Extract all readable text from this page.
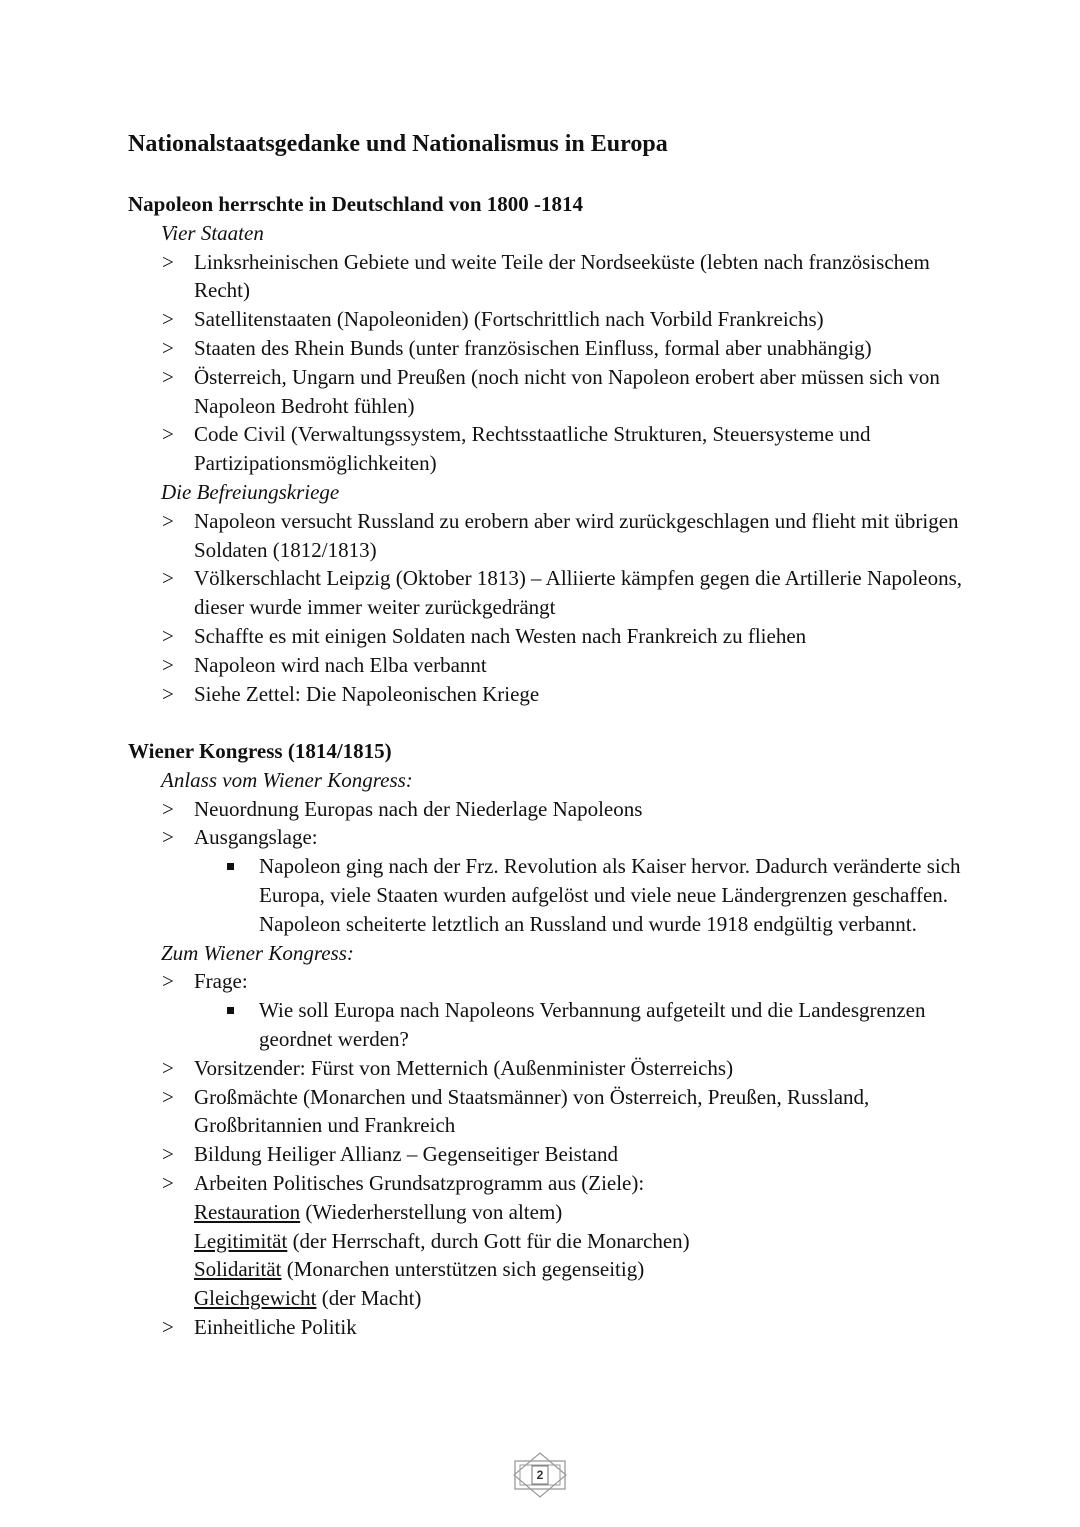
Nationalstaatsgedanke und Nationalismus in Europa
Napoleon herrschte in Deutschland von 1800 -1814
Vier Staaten
> Linksrheinischen Gebiete und weite Teile der Nordseeküste (lebten nach französischem Recht)
> Satellitenstaaten (Napoleoniden) (Fortschrittlich nach Vorbild Frankreichs)
> Staaten des Rhein Bunds (unter französischen Einfluss, formal aber unabhängig)
> Österreich, Ungarn und Preußen (noch nicht von Napoleon erobert aber müssen sich von Napoleon Bedroht fühlen)
> Code Civil (Verwaltungssystem, Rechtsstaatliche Strukturen, Steuersysteme und Partizipationsmöglichkeiten)
Die Befreiungskriege
> Napoleon versucht Russland zu erobern aber wird zurückgeschlagen und flieht mit übrigen Soldaten (1812/1813)
> Völkerschlacht Leipzig (Oktober 1813) – Alliierte kämpfen gegen die Artillerie Napoleons, dieser wurde immer weiter zurückgedrängt
> Schaffte es mit einigen Soldaten nach Westen nach Frankreich zu fliehen
> Napoleon wird nach Elba verbannt
> Siehe Zettel: Die Napoleonischen Kriege
Wiener Kongress (1814/1815)
Anlass vom Wiener Kongress:
> Neuordnung Europas nach der Niederlage Napoleons
> Ausgangslage:
Napoleon ging nach der Frz. Revolution als Kaiser hervor. Dadurch veränderte sich Europa, viele Staaten wurden aufgelöst und viele neue Ländergrenzen geschaffen. Napoleon scheiterte letztlich an Russland und wurde 1918 endgültig verbannt.
Zum Wiener Kongress:
> Frage:
Wie soll Europa nach Napoleons Verbannung aufgeteilt und die Landesgrenzen geordnet werden?
> Vorsitzender: Fürst von Metternich (Außenminister Österreichs)
> Großmächte (Monarchen und Staatsmänner) von Österreich, Preußen, Russland, Großbritannien und Frankreich
> Bildung Heiliger Allianz – Gegenseitiger Beistand
> Arbeiten Politisches Grundsatzprogramm aus (Ziele):
Restauration (Wiederherstellung von altem)
Legitimität (der Herrschaft, durch Gott für die Monarchen)
Solidarität (Monarchen unterstützen sich gegenseitig)
Gleichgewicht (der Macht)
> Einheitliche Politik
2
